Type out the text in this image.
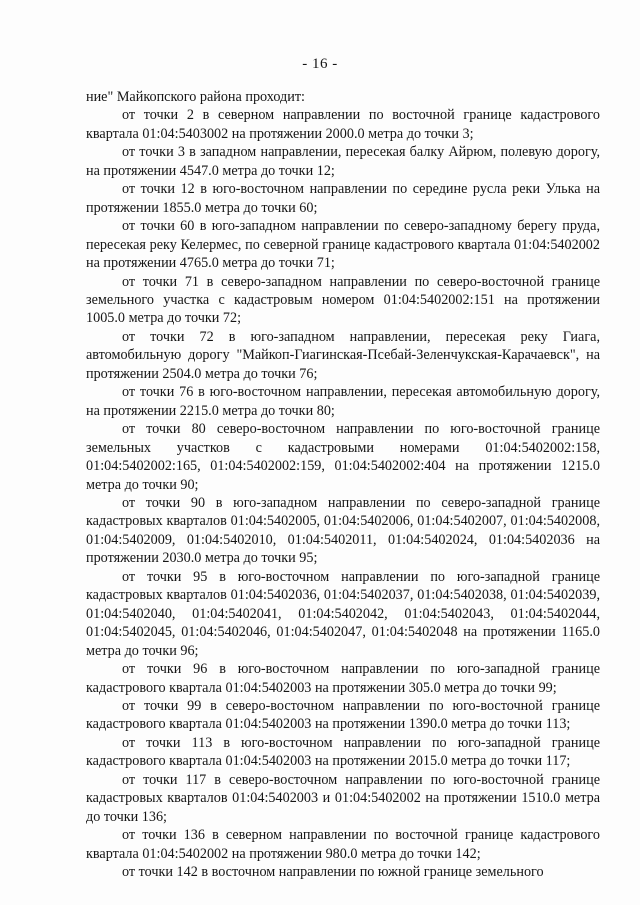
- 16 -

ние" Майкопского района проходит:

от точки 2 в северном направлении по восточной границе кадастрового квартала 01:04:5403002 на протяжении 2000.0 метра до точки 3;

от точки 3 в западном направлении, пересекая балку Айрюм, полевую дорогу, на протяжении 4547.0 метра до точки 12;

от точки 12 в юго-восточном направлении по середине русла реки Улька на протяжении 1855.0 метра до точки 60;

от точки 60 в юго-западном направлении по северо-западному берегу пруда, пересекая реку Келермес, по северной границе кадастрового квартала 01:04:5402002 на протяжении 4765.0 метра до точки 71;

от точки 71 в северо-западном направлении по северо-восточной границе земельного участка с кадастровым номером 01:04:5402002:151 на протяжении 1005.0 метра до точки 72;

от точки 72 в юго-западном направлении, пересекая реку Гиага, автомобильную дорогу "Майкоп-Гиагинская-Псебай-Зеленчукская-Карачаевск", на протяжении 2504.0 метра до точки 76;

от точки 76 в юго-восточном направлении, пересекая автомобильную дорогу, на протяжении 2215.0 метра до точки 80;

от точки 80 северо-восточном направлении по юго-восточной границе земельных участков с кадастровыми номерами 01:04:5402002:158, 01:04:5402002:165, 01:04:5402002:159, 01:04:5402002:404 на протяжении 1215.0 метра до точки 90;

от точки 90 в юго-западном направлении по северо-западной границе кадастровых кварталов 01:04:5402005, 01:04:5402006, 01:04:5402007, 01:04:5402008, 01:04:5402009, 01:04:5402010, 01:04:5402011, 01:04:5402024, 01:04:5402036 на протяжении 2030.0 метра до точки 95;

от точки 95 в юго-восточном направлении по юго-западной границе кадастровых кварталов 01:04:5402036, 01:04:5402037, 01:04:5402038, 01:04:5402039, 01:04:5402040, 01:04:5402041, 01:04:5402042, 01:04:5402043, 01:04:5402044, 01:04:5402045, 01:04:5402046, 01:04:5402047, 01:04:5402048 на протяжении 1165.0 метра до точки 96;

от точки 96 в юго-восточном направлении по юго-западной границе кадастрового квартала 01:04:5402003 на протяжении 305.0 метра до точки 99;

от точки 99 в северо-восточном направлении по юго-восточной границе кадастрового квартала 01:04:5402003 на протяжении 1390.0 метра до точки 113;

от точки 113 в юго-восточном направлении по юго-западной границе кадастрового квартала 01:04:5402003 на протяжении 2015.0 метра до точки 117;

от точки 117 в северо-восточном направлении по юго-восточной границе кадастровых кварталов 01:04:5402003 и 01:04:5402002 на протяжении 1510.0 метра до точки 136;

от точки 136 в северном направлении по восточной границе кадастрового квартала 01:04:5402002 на протяжении 980.0 метра до точки 142;

от точки 142 в восточном направлении по южной границе земельного
